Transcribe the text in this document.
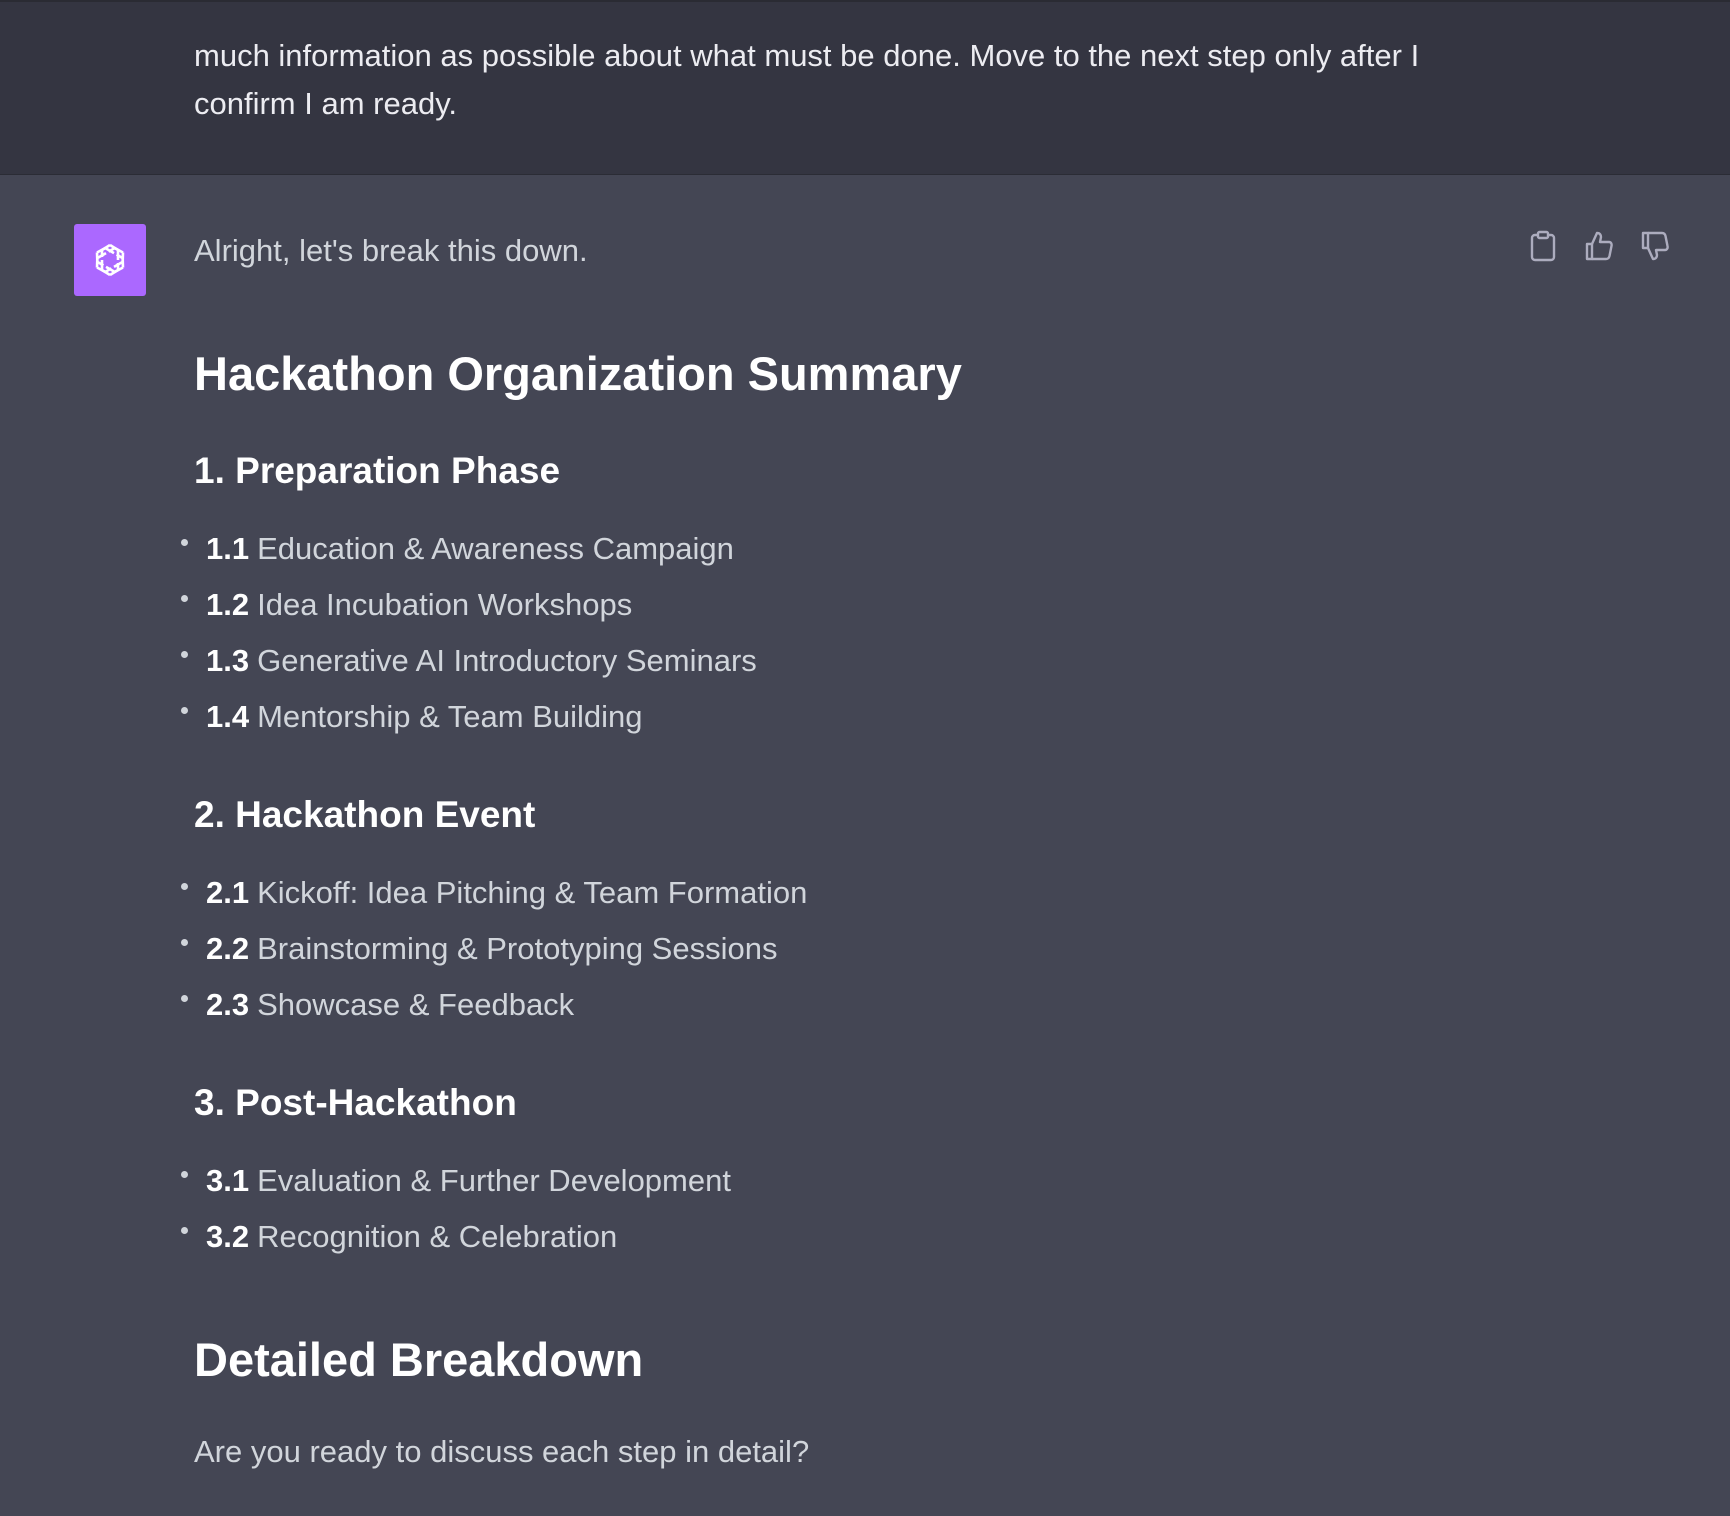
much information as possible about what must be done. Move to the next step only after I confirm I am ready.
Alright, let's break this down.
Hackathon Organization Summary
1. Preparation Phase
1.1 Education & Awareness Campaign
1.2 Idea Incubation Workshops
1.3 Generative AI Introductory Seminars
1.4 Mentorship & Team Building
2. Hackathon Event
2.1 Kickoff: Idea Pitching & Team Formation
2.2 Brainstorming & Prototyping Sessions
2.3 Showcase & Feedback
3. Post-Hackathon
3.1 Evaluation & Further Development
3.2 Recognition & Celebration
Detailed Breakdown
Are you ready to discuss each step in detail?
